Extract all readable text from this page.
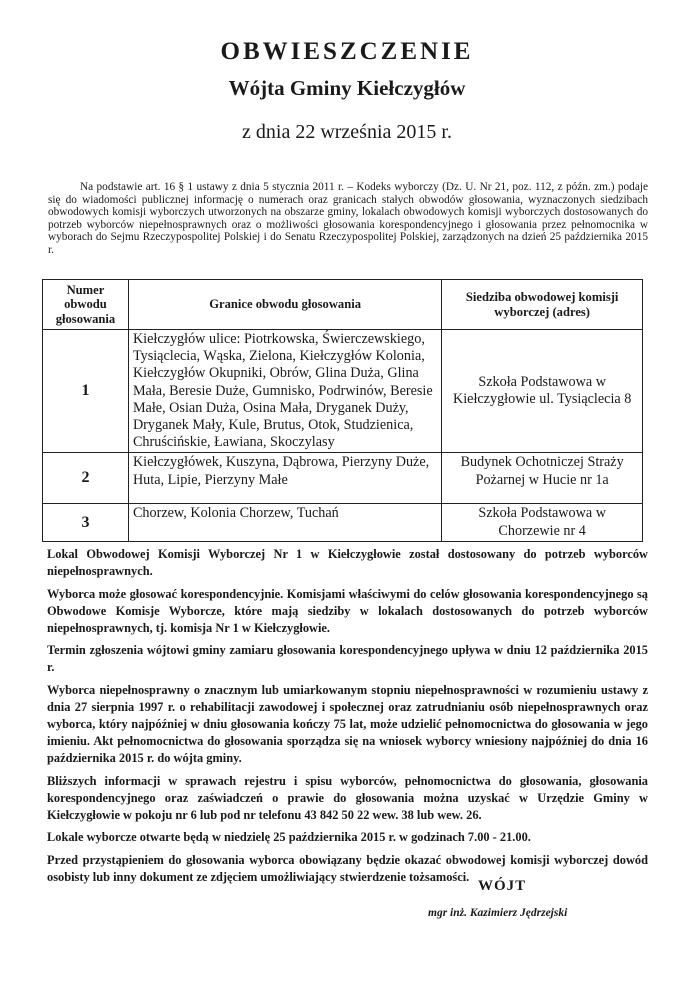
OBWIESZCZENIE
Wójta Gminy Kiełczygłów
z dnia 22 września 2015 r.

Na podstawie art. 16 § 1 ustawy z dnia 5 stycznia 2011 r. – Kodeks wyborczy (Dz. U. Nr 21, poz. 112, z późn. zm.) podaje się do wiadomości publicznej informację o numerach oraz granicach stałych obwodów głosowania, wyznaczonych siedzibach obwodowych komisji wyborczych utworzonych na obszarze gminy, lokalach obwodowych komisji wyborczych dostosowanych do potrzeb wyborców niepełnosprawnych oraz o możliwości głosowania korespondencyjnego i głosowania przez pełnomocnika w wyborach do Sejmu Rzeczypospolitej Polskiej i do Senatu Rzeczypospolitej Polskiej, zarządzonych na dzień 25 października 2015 r.

Numer obwodu głosowania	Granice obwodu głosowania	Siedziba obwodowej komisji wyborczej (adres)
1	Kiełczygłów ulice: Piotrkowska, Świerczewskiego, Tysiąclecia, Wąska, Zielona, Kiełczygłów Kolonia, Kiełczygłów Okupniki, Obrów, Glina Duża, Glina Mała, Beresie Duże, Gumnisko, Podrwinów, Beresie Małe, Osian Duża, Osina Mała, Dryganek Duży, Dryganek Mały, Kule, Brutus, Otok, Studzienica, Chruścińskie, Ławiana, Skoczylasy	Szkoła Podstawowa w Kiełczygłowie ul. Tysiąclecia 8
2	Kiełczygłówek, Kuszyna, Dąbrowa, Pierzyny Duże, Huta, Lipie, Pierzyny Małe	Budynek Ochotniczej Straży Pożarnej w Hucie nr 1a
3	Chorzew, Kolonia Chorzew, Tuchań	Szkoła Podstawowa w Chorzewie nr 4

Lokal Obwodowej Komisji Wyborczej Nr 1 w Kiełczygłowie został dostosowany do potrzeb wyborców niepełnosprawnych.

Wyborca może głosować korespondencyjnie. Komisjami właściwymi do celów głosowania korespondencyjnego są Obwodowe Komisje Wyborcze, które mają siedziby w lokalach dostosowanych do potrzeb wyborców niepełnosprawnych, tj. komisja Nr 1 w Kiełczygłowie.

Termin zgłoszenia wójtowi gminy zamiaru głosowania korespondencyjnego upływa w dniu 12 października 2015 r.

Wyborca niepełnosprawny o znacznym lub umiarkowanym stopniu niepełnosprawności w rozumieniu ustawy z dnia 27 sierpnia 1997 r. o rehabilitacji zawodowej i społecznej oraz zatrudnianiu osób niepełnosprawnych oraz wyborca, który najpóźniej w dniu głosowania kończy 75 lat, może udzielić pełnomocnictwa do głosowania w jego imieniu. Akt pełnomocnictwa do głosowania sporządza się na wniosek wyborcy wniesiony najpóźniej do dnia 16 października 2015 r. do wójta gminy.

Bliższych informacji w sprawach rejestru i spisu wyborców, pełnomocnictwa do głosowania, głosowania korespondencyjnego oraz zaświadczeń o prawie do głosowania można uzyskać w Urzędzie Gminy w Kiełczygłowie w pokoju nr 6 lub pod nr telefonu 43 842 50 22 wew. 38 lub wew. 26.

Lokale wyborcze otwarte będą w niedzielę 25 października 2015 r. w godzinach 7.00 - 21.00.

Przed przystąpieniem do głosowania wyborca obowiązany będzie okazać obwodowej komisji wyborczej dowód osobisty lub inny dokument ze zdjęciem umożliwiający stwierdzenie tożsamości.

WÓJT
mgr inż. Kazimierz Jędrzejski
